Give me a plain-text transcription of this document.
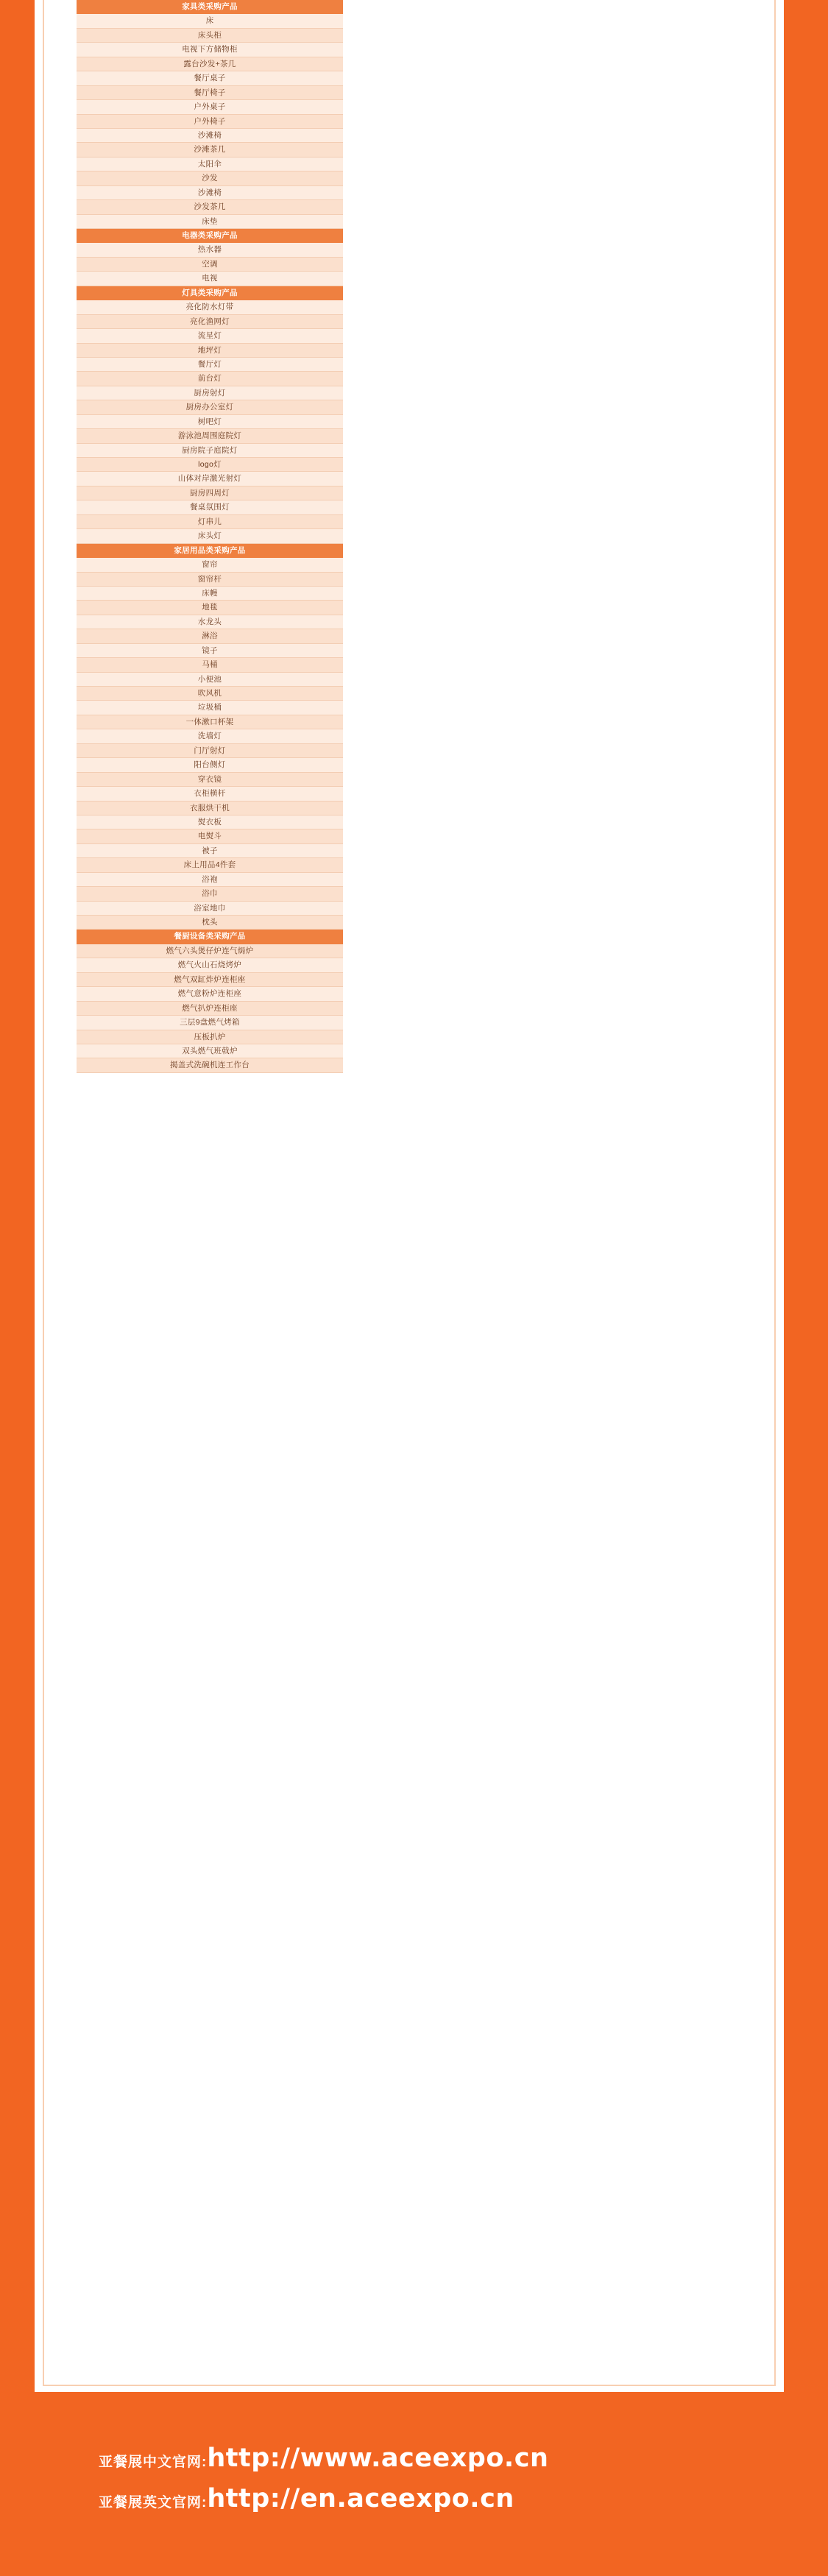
家具类采购产品
床
床头柜
电视下方储物柜
露台沙发+茶几
餐厅桌子
餐厅椅子
户外桌子
户外椅子
沙滩椅
沙滩茶几
太阳伞
沙发
沙滩椅
沙发茶几
床垫
电器类采购产品
热水器
空调
电视
灯具类采购产品
亮化防水灯带
亮化渔网灯
流星灯
地坪灯
餐厅灯
前台灯
厨房射灯
厨房办公室灯
树吧灯
游泳池周围庭院灯
厨房院子庭院灯
logo灯
山体对岸激光射灯
厨房四周灯
餐桌氛围灯
灯串儿
床头灯
家居用品类采购产品
窗帘
窗帘杆
床幔
地毯
水龙头
淋浴
镜子
马桶
小便池
吹风机
垃圾桶
一体漱口杯架
洗墙灯
门厅射灯
阳台侧灯
穿衣镜
衣柜横杆
衣服烘干机
熨衣板
电熨斗
被子
床上用品4件套
浴袍
浴巾
浴室地巾
枕头
餐厨设备类采购产品
燃气六头煲仔炉连气焗炉
燃气火山石烧烤炉
燃气双缸炸炉连柜座
燃气意粉炉连柜座
燃气扒炉连柜座
三层9盘燃气烤箱
压板扒炉
双头燃气班戟炉
揭盖式洗碗机连工作台
亚餐展中文官网:http://www.aceexpo.cn
亚餐展英文官网:http://en.aceexpo.cn
